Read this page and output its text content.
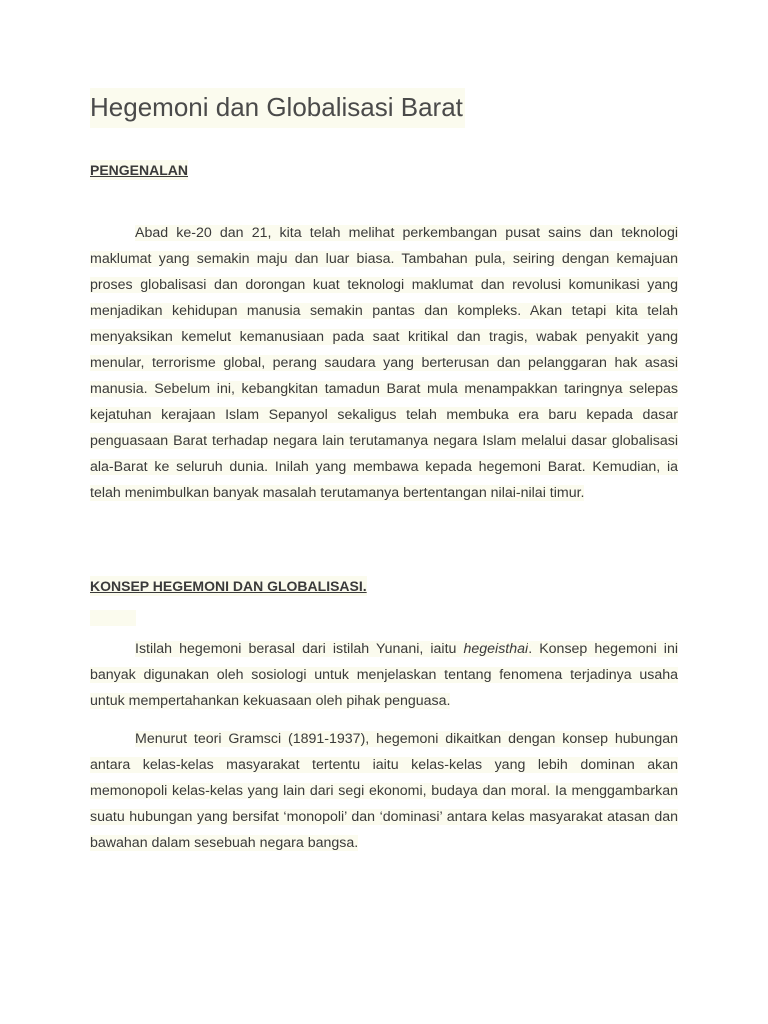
Hegemoni dan Globalisasi Barat
PENGENALAN

Abad ke-20 dan 21, kita telah melihat perkembangan pusat sains dan teknologi maklumat yang semakin maju dan luar biasa. Tambahan pula, seiring dengan kemajuan proses globalisasi dan dorongan kuat teknologi maklumat dan revolusi komunikasi yang menjadikan kehidupan manusia semakin pantas dan kompleks. Akan tetapi kita telah menyaksikan kemelut kemanusiaan pada saat kritikal dan tragis, wabak penyakit yang menular, terrorisme global, perang saudara yang berterusan dan pelanggaran hak asasi manusia. Sebelum ini, kebangkitan tamadun Barat mula menampakkan taringnya selepas kejatuhan kerajaan Islam Sepanyol sekaligus telah membuka era baru kepada dasar penguasaan Barat terhadap negara lain terutamanya negara Islam melalui dasar globalisasi ala-Barat ke seluruh dunia. Inilah yang membawa kepada hegemoni Barat. Kemudian, ia telah menimbulkan banyak masalah terutamanya bertentangan nilai-nilai timur.

KONSEP HEGEMONI DAN GLOBALISASI.

Istilah hegemoni berasal dari istilah Yunani, iaitu hegeisthai. Konsep hegemoni ini banyak digunakan oleh sosiologi untuk menjelaskan tentang fenomena terjadinya usaha untuk mempertahankan kekuasaan oleh pihak penguasa.

Menurut teori Gramsci (1891-1937), hegemoni dikaitkan dengan konsep hubungan antara kelas-kelas masyarakat tertentu iaitu kelas-kelas yang lebih dominan akan memonopoli kelas-kelas yang lain dari segi ekonomi, budaya dan moral. Ia menggambarkan suatu hubungan yang bersifat ‘monopoli’ dan ‘dominasi’ antara kelas masyarakat atasan dan bawahan dalam sesebuah negara bangsa.
